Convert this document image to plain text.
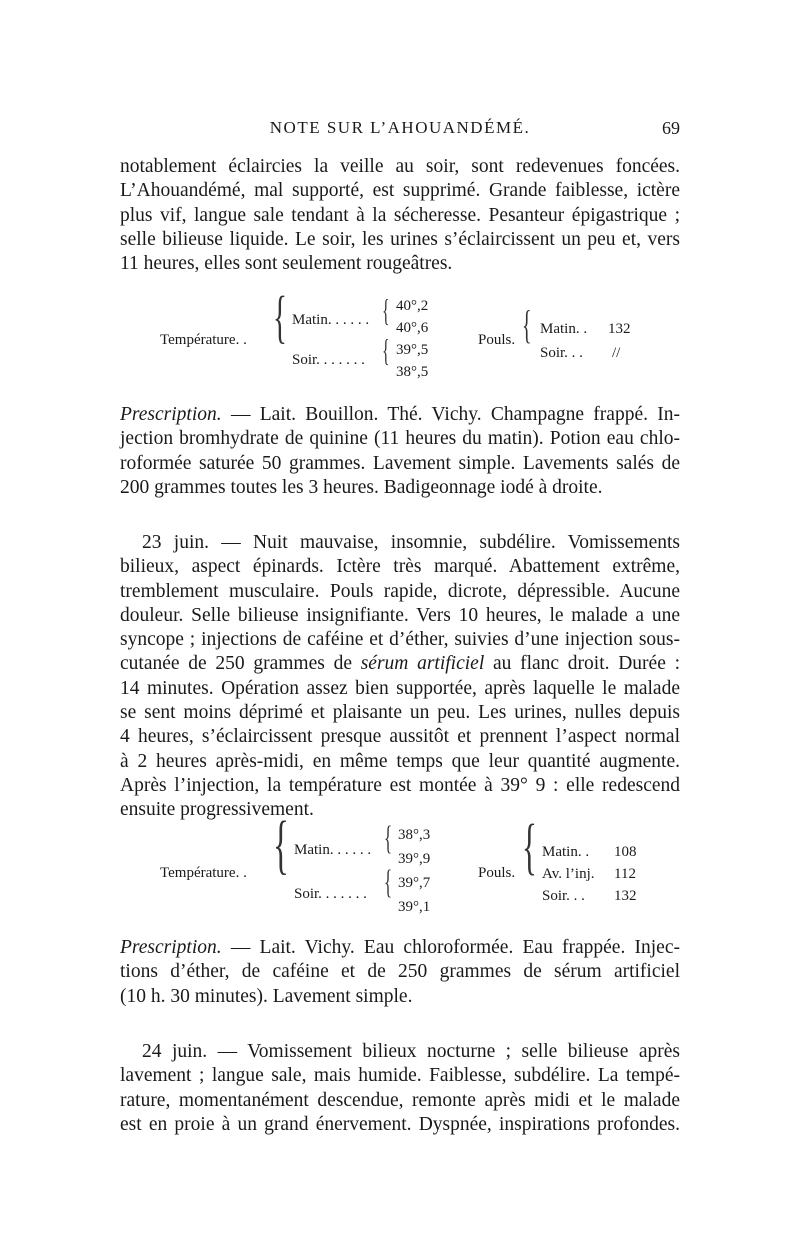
NOTE SUR L’AHOUANDÉMÉ.	69
notablement éclaircies la veille au soir, sont redevenues foncées.
L’Ahouandémé, mal supporté, est supprimé. Grande faiblesse, ictère
plus vif, langue sale tendant à la sécheresse. Pesanteur épigastrique ;
selle bilieuse liquide. Le soir, les urines s’éclaircissent un peu et, vers
11 heures, elles sont seulement rougeâtres.
Température. . { Matin. . . . . .
Soir. . . . . . .
{
{
40°,2
40°,6
39°,5
38°,5
Pouls. { Matin. . 132
Soir. . . //
Prescription. — Lait. Bouillon. Thé. Vichy. Champagne frappé. In-
jection bromhydrate de quinine (11 heures du matin). Potion eau chlo-
roformée saturée 50 grammes. Lavement simple. Lavements salés de
200 grammes toutes les 3 heures. Badigeonnage iodé à droite.
23 juin. — Nuit mauvaise, insomnie, subdélire. Vomissements
bilieux, aspect épinards. Ictère très marqué. Abattement extrême,
tremblement musculaire. Pouls rapide, dicrote, dépressible. Aucune
douleur. Selle bilieuse insignifiante. Vers 10 heures, le malade a une
syncope ; injections de caféine et d’éther, suivies d’une injection sous-
cutanée de 250 grammes de sérum artificiel au flanc droit. Durée :
14 minutes. Opération assez bien supportée, après laquelle le malade
se sent moins déprimé et plaisante un peu. Les urines, nulles depuis
4 heures, s’éclaircissent presque aussitôt et prennent l’aspect normal
à 2 heures après-midi, en même temps que leur quantité augmente.
Après l’injection, la température est montée à 39° 9 : elle redescend
ensuite progressivement.
Température. . { Matin. . . . . .
Soir. . . . . . .
{
{
38°,3
39°,9
39°,7
39°,1
Pouls. { Matin. . 108
Av. l’inj. 112
Soir. . . 132
Prescription. — Lait. Vichy. Eau chloroformée. Eau frappée. Injec-
tions d’éther, de caféine et de 250 grammes de sérum artificiel
(10 h. 30 minutes). Lavement simple.
24 juin. — Vomissement bilieux nocturne ; selle bilieuse après
lavement ; langue sale, mais humide. Faiblesse, subdélire. La tempé-
rature, momentanément descendue, remonte après midi et le malade
est en proie à un grand énervement. Dyspnée, inspirations profondes.
